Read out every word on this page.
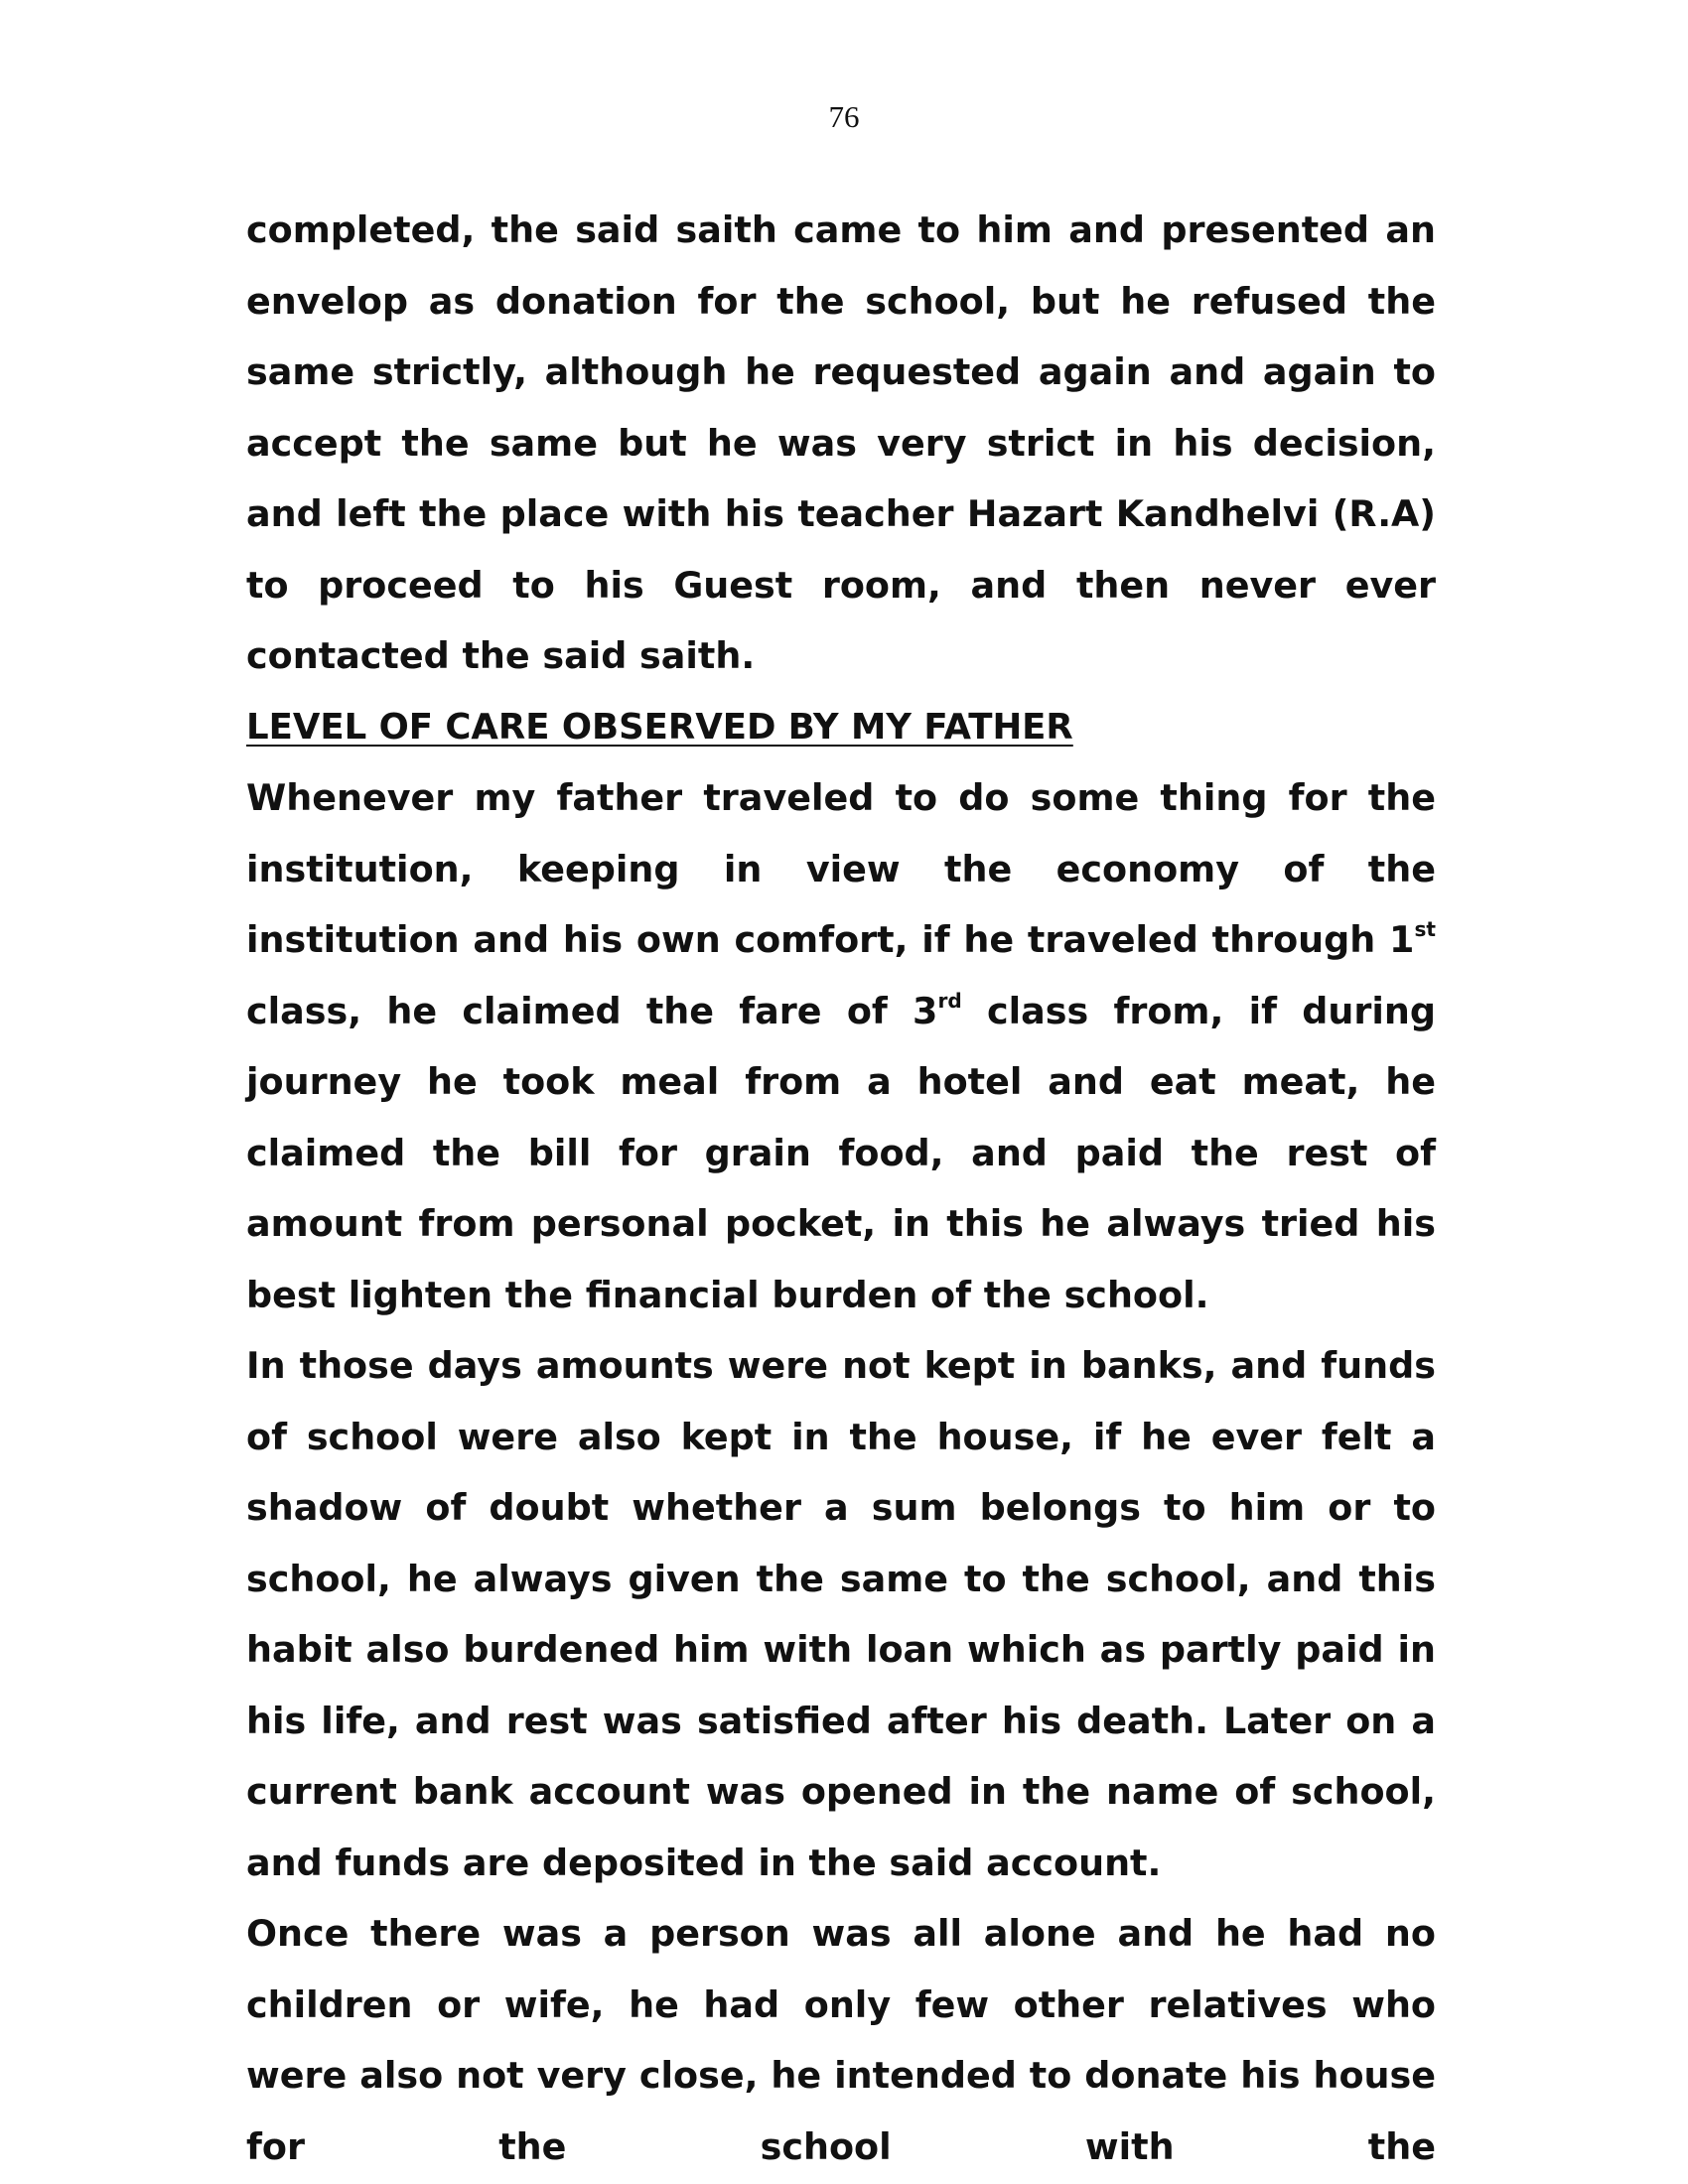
76

completed, the said saith came to him and presented an envelop as donation for the school, but he refused the same strictly, although he requested again and again to accept the same but he was very strict in his decision, and left the place with his teacher Hazart Kandhelvi (R.A) to proceed to his Guest room, and then never ever contacted the said saith.

LEVEL OF CARE OBSERVED BY MY FATHER

Whenever my father traveled to do some thing for the institution, keeping in view the economy of the institution and his own comfort, if he traveled through 1st class, he claimed the fare of 3rd class from, if during journey he took meal from a hotel and eat meat, he claimed the bill for grain food, and paid the rest of amount from personal pocket, in this he always tried his best lighten the financial burden of the school.

In those days amounts were not kept in banks, and funds of school were also kept in the house, if he ever felt a shadow of doubt whether a sum belongs to him or to school, he always given the same to the school, and this habit also burdened him with loan which as partly paid in his life, and rest was satisfied after his death. Later on a current bank account was opened in the name of school, and funds are deposited in the said account.

Once there was a person was all alone and he had no children or wife, he had only few other relatives who were also not very close, he intended to donate his house for the school with the
